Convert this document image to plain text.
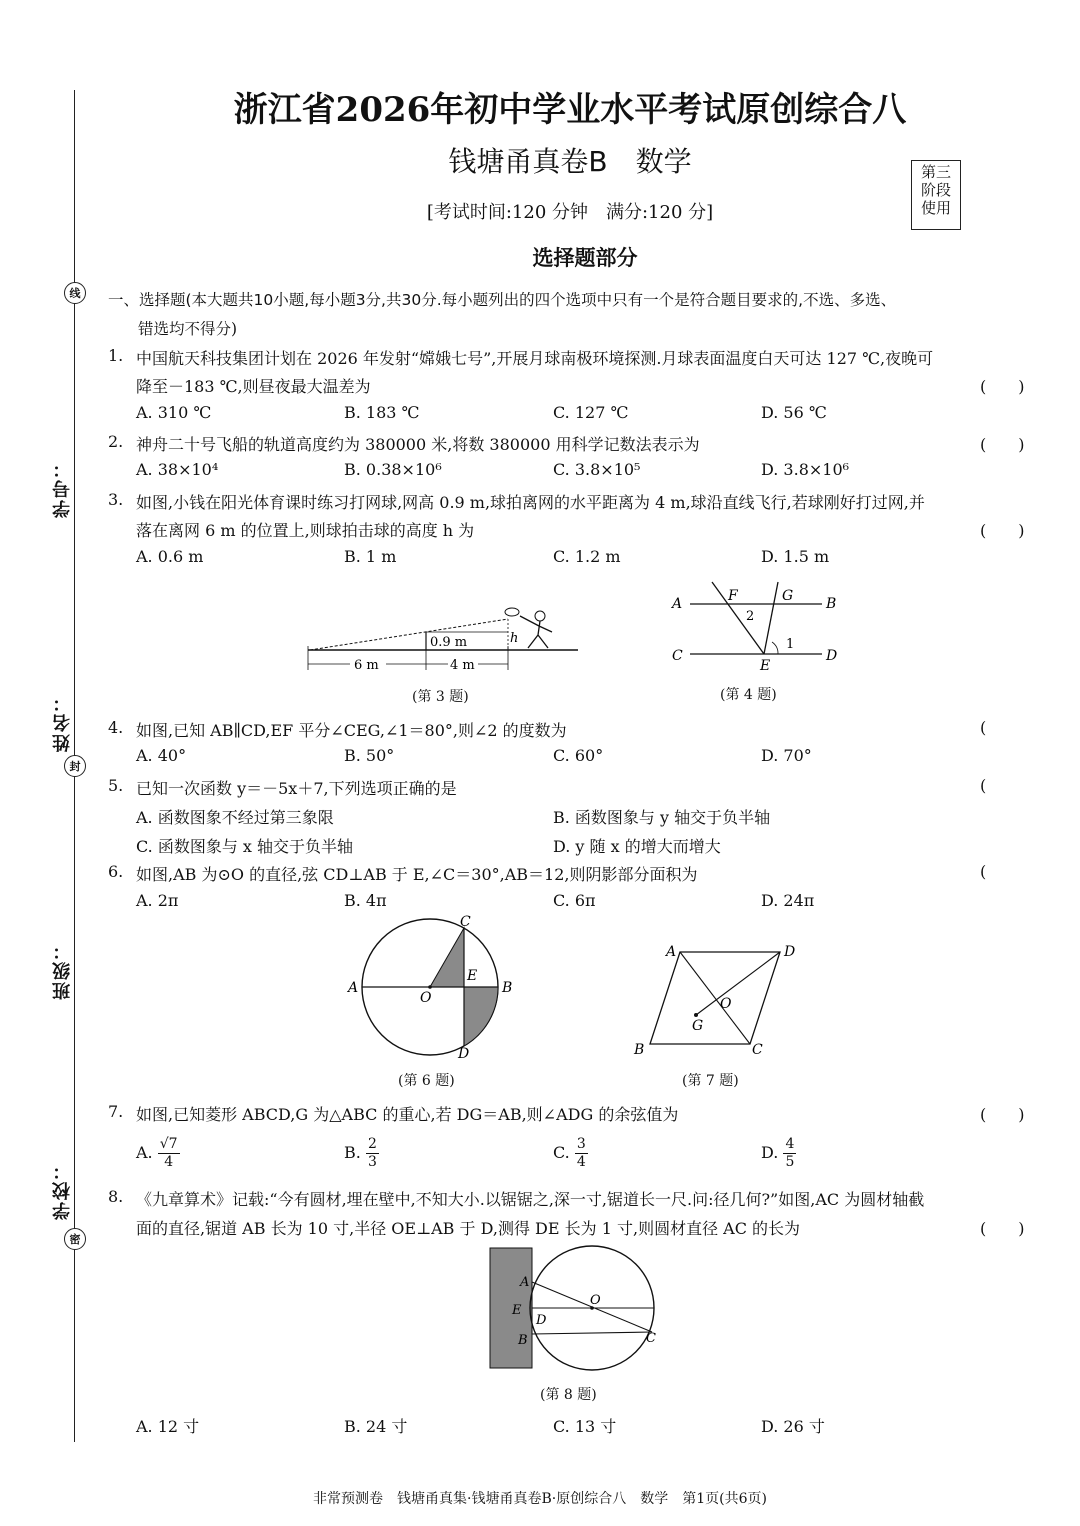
学号：
姓名：
班级：
学校：
线
封
密
浙江省2026年初中学业水平考试原创综合八
钱塘甬真卷B　数学
[考试时间:120 分钟　满分:120 分]
第三
阶段
使用
选择题部分
一、选择题(本大题共10小题,每小题3分,共30分.每小题列出的四个选项中只有一个是符合题目要求的,不选、多选、
错选均不得分)
1. 中国航天科技集团计划在 2026 年发射“嫦娥七号”,开展月球南极环境探测.月球表面温度白天可达 127 ℃,夜晚可
降至－183 ℃,则昼夜最大温差为	(　　)
A. 310 ℃	B. 183 ℃	C. 127 ℃	D. 56 ℃
2. 神舟二十号飞船的轨道高度约为 380000 米,将数 380000 用科学记数法表示为	(　　)
A. 38×10⁴	B. 0.38×10⁶	C. 3.8×10⁵	D. 3.8×10⁶
3. 如图,小钱在阳光体育课时练习打网球,网高 0.9 m,球拍离网的水平距离为 4 m,球沿直线飞行,若球刚好打过网,并
落在离网 6 m 的位置上,则球拍击球的高度 h 为	(　　)
A. 0.6 m	B. 1 m	C. 1.2 m	D. 1.5 m
0.9 m	h
6 m	4 m
(第 3 题)
A	B
C	D
E
F	G
1
2
(第 4 题)
4. 如图,已知 AB∥CD,EF 平分∠CEG,∠1＝80°,则∠2 的度数为	(
A. 40°	B. 50°	C. 60°	D. 70°
5. 已知一次函数 y＝－5x＋7,下列选项正确的是	(
A. 函数图象不经过第三象限	B. 函数图象与 y 轴交于负半轴
C. 函数图象与 x 轴交于负半轴	D. y 随 x 的增大而增大
6. 如图,AB 为⊙O 的直径,弦 CD⊥AB 于 E,∠C＝30°,AB＝12,则阴影部分面积为	(
A. 2π	B. 4π	C. 6π	D. 24π
A	B
C
D
E
O
(第 6 题)
A	D
B	C
G
O
(第 7 题)
7. 如图,已知菱形 ABCD,G 为△ABC 的重心,若 DG＝AB,则∠ADG 的余弦值为	(　　)
A. $\frac{√7}{4}$	B. $\frac{2}{3}$	C. $\frac{3}{4}$	D. $\frac{4}{5}$
8. 《九章算术》记载:“今有圆材,埋在壁中,不知大小.以锯锯之,深一寸,锯道长一尺.问:径几何?”如图,AC 为圆材轴截
面的直径,锯道 AB 长为 10 寸,半径 OE⊥AB 于 D,测得 DE 长为 1 寸,则圆材直径 AC 的长为	(　　)
A
E
D
B
O
C
(第 8 题)
A. 12 寸	B. 24 寸	C. 13 寸	D. 26 寸
非常预测卷　钱塘甬真集·钱塘甬真卷B·原创综合八　数学　第1页(共6页)
